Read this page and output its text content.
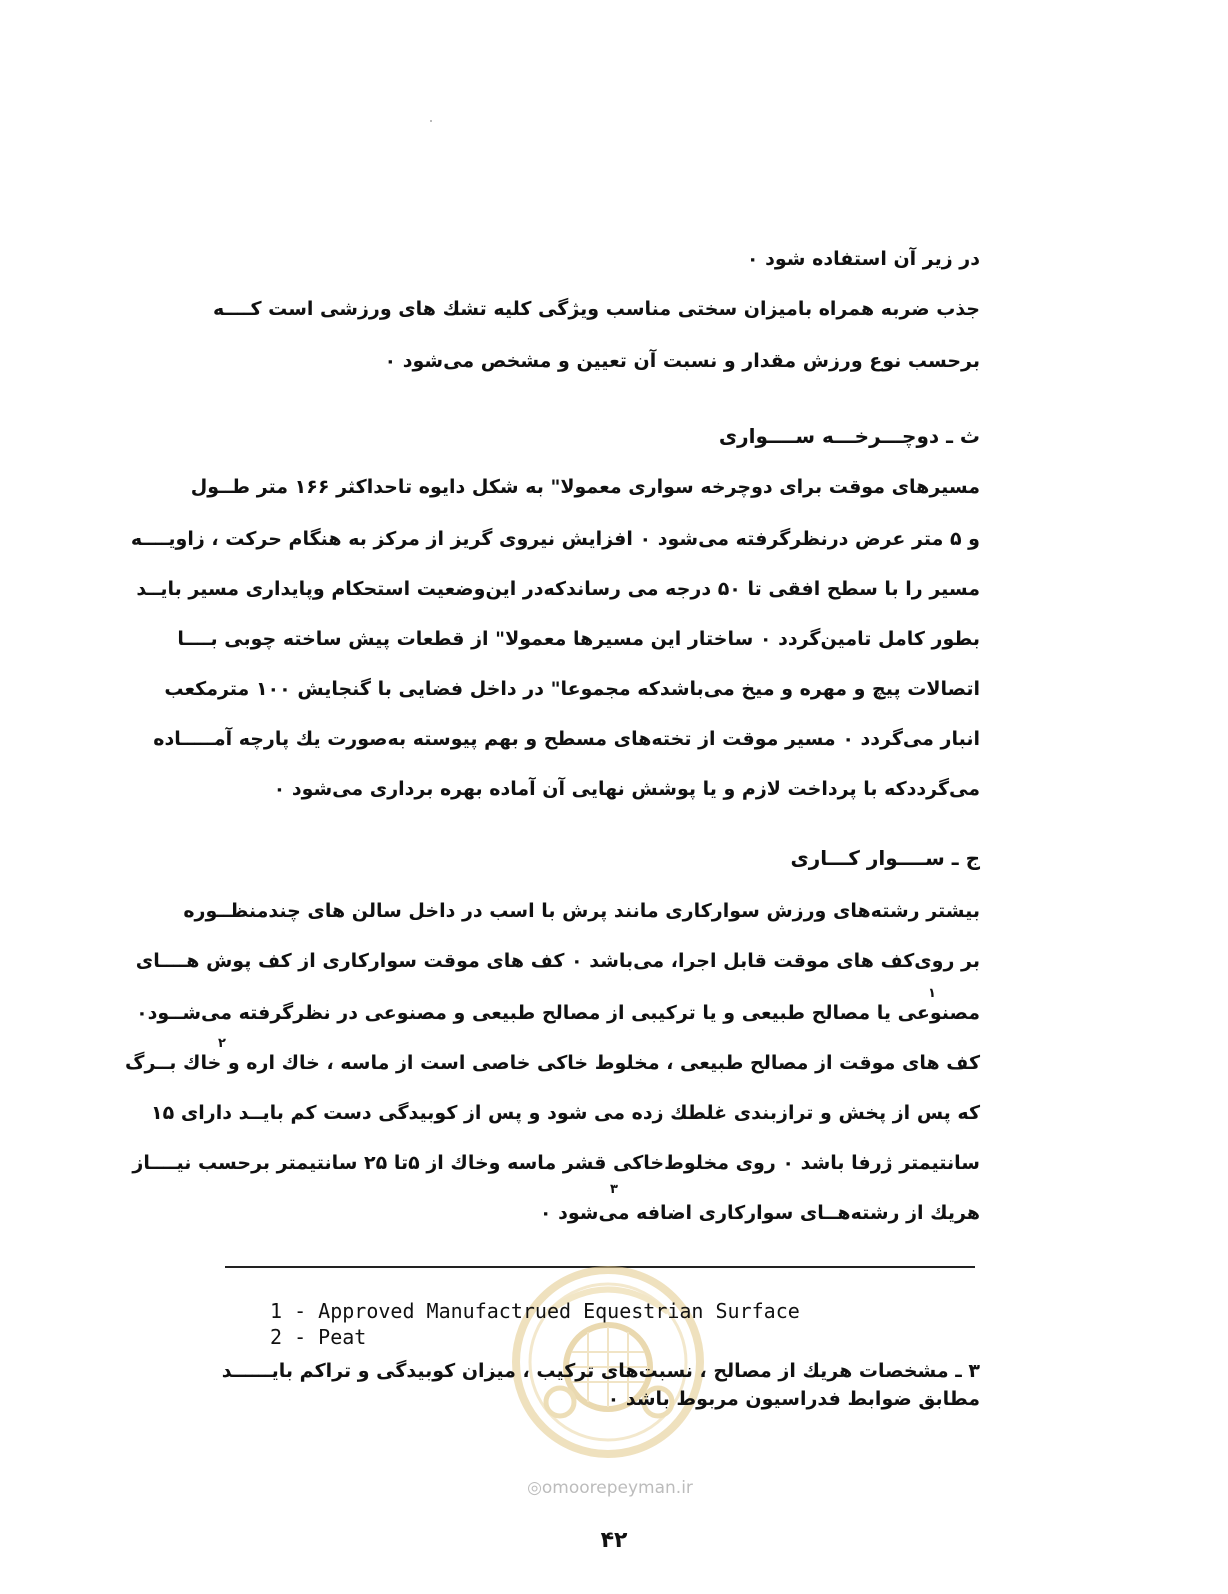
در زیر آن استفاده شود ۰
جذب ضربه همراه بامیزان سختی مناسب ویژگی کلیه تشك های ورزشی است کــــه
برحسب نوع ورزش مقدار و نسبت آن تعیین و مشخص می‌شود ۰
ث ـ دوچـــرخـــه ســــواری
مسیرهای موقت برای دوچرخه سواری معمولا" به شکل دایوه تاحداکثر ۱۶۶ متر طــول
و ۵ متر عرض درنظرگرفته می‌شود ۰ افزایش نیروی گریز از مرکز به هنگام حرکت ، زاویــــه
مسیر را با سطح افقی تا ۵۰ درجه می رساندکه‌در این‌وضعیت استحکام وپایداری مسیر بایــد
بطور کامل تامین‌گردد ۰ ساختار این مسیرها معمولا" از قطعات پیش ساخته چوبی بــــا
اتصالات پیچ و مهره و میخ می‌باشدکه مجموعا" در داخل فضایی با گنجایش ۱۰۰ مترمکعب
انبار می‌گردد ۰ مسیر موقت از تخته‌های مسطح و بهم پیوسته به‌صورت یك پارچه آمـــــاده
می‌گرددکه با پرداخت لازم و یا پوشش نهایی آن آماده بهره برداری می‌شود ۰
ج ـ ســــوار کـــاری
بیشتر رشته‌های ورزش سوارکاری مانند پرش با اسب در داخل سالن های چندمنظــوره
بر روی‌کف های موقت قابل اجرا، می‌باشد ۰ کف های موقت سوارکاری از کف پوش هــــای
مصنوعی یا مصالح طبیعی و یا ترکیبی از مصالح طبیعی و مصنوعی در نظرگرفته می‌شــود۰
۱
کف های موقت از مصالح طبیعی ، مخلوط خاکی خاصی است از ماسه ، خاك اره و خاك بــرگ
۲
که پس از پخش و ترازبندی غلطك زده می شود و پس از کوبیدگی دست کم بایــد دارای ۱۵
سانتیمتر ژرفا باشد ۰ روی مخلوط‌خاکی قشر ماسه وخاك از ۵تا ۲۵ سانتیمتر برحسب نیــــاز
هریك از رشته‌هــای سوارکاری اضافه می‌شود ۰
۳
1 - Approved Manufactrued Equestrian Surface
2 - Peat
۳ ـ مشخصات هریك از مصالح ، نسبت‌های ترکیب ، میزان کوبیدگی و تراکم بایــــــد
مطابق ضوابط فدراسیون مربوط باشد ۰
◎omoorepeyman.ir
۴۲
